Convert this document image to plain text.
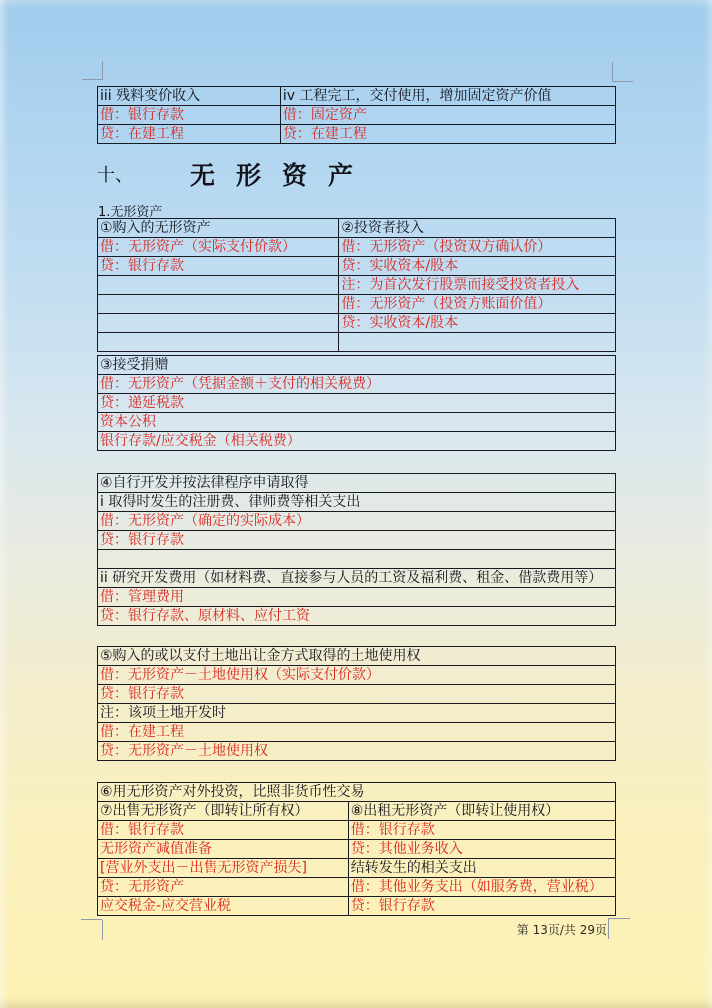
十、 无形资产
1.无形资产
iii 残料变价收入	iv 工程完工，交付使用，增加固定资产价值
借：银行存款	借：固定资产
贷：在建工程	贷：在建工程
①购入的无形资产	②投资者投入
借：无形资产（实际支付价款）	借：无形资产（投资双方确认价）
贷：银行存款	贷：实收资本/股本
	注：为首次发行股票而接受投资者投入
	借：无形资产（投资方账面价值）
	贷：实收资本/股本

③接受捐赠
借：无形资产（凭据金额＋支付的相关税费）
贷：递延税款
资本公积
银行存款/应交税金（相关税费）
④自行开发并按法律程序申请取得
i 取得时发生的注册费、律师费等相关支出
借：无形资产（确定的实际成本）
贷：银行存款

ii 研究开发费用（如材料费、直接参与人员的工资及福利费、租金、借款费用等）
借：管理费用
贷：银行存款、原材料、应付工资
⑤购入的或以支付土地出让金方式取得的土地使用权
借：无形资产－土地使用权（实际支付价款）
贷：银行存款
注：该项土地开发时
借：在建工程
贷：无形资产－土地使用权
⑥用无形资产对外投资，比照非货币性交易	
⑦出售无形资产（即转让所有权）	⑧出租无形资产（即转让使用权）
借：银行存款	借：银行存款
无形资产减值准备	贷：其他业务收入
[营业外支出－出售无形资产损失]	结转发生的相关支出
贷：无形资产	借：其他业务支出（如服务费，营业税）
应交税金-应交营业税	贷：银行存款
第 13页/共 29页
